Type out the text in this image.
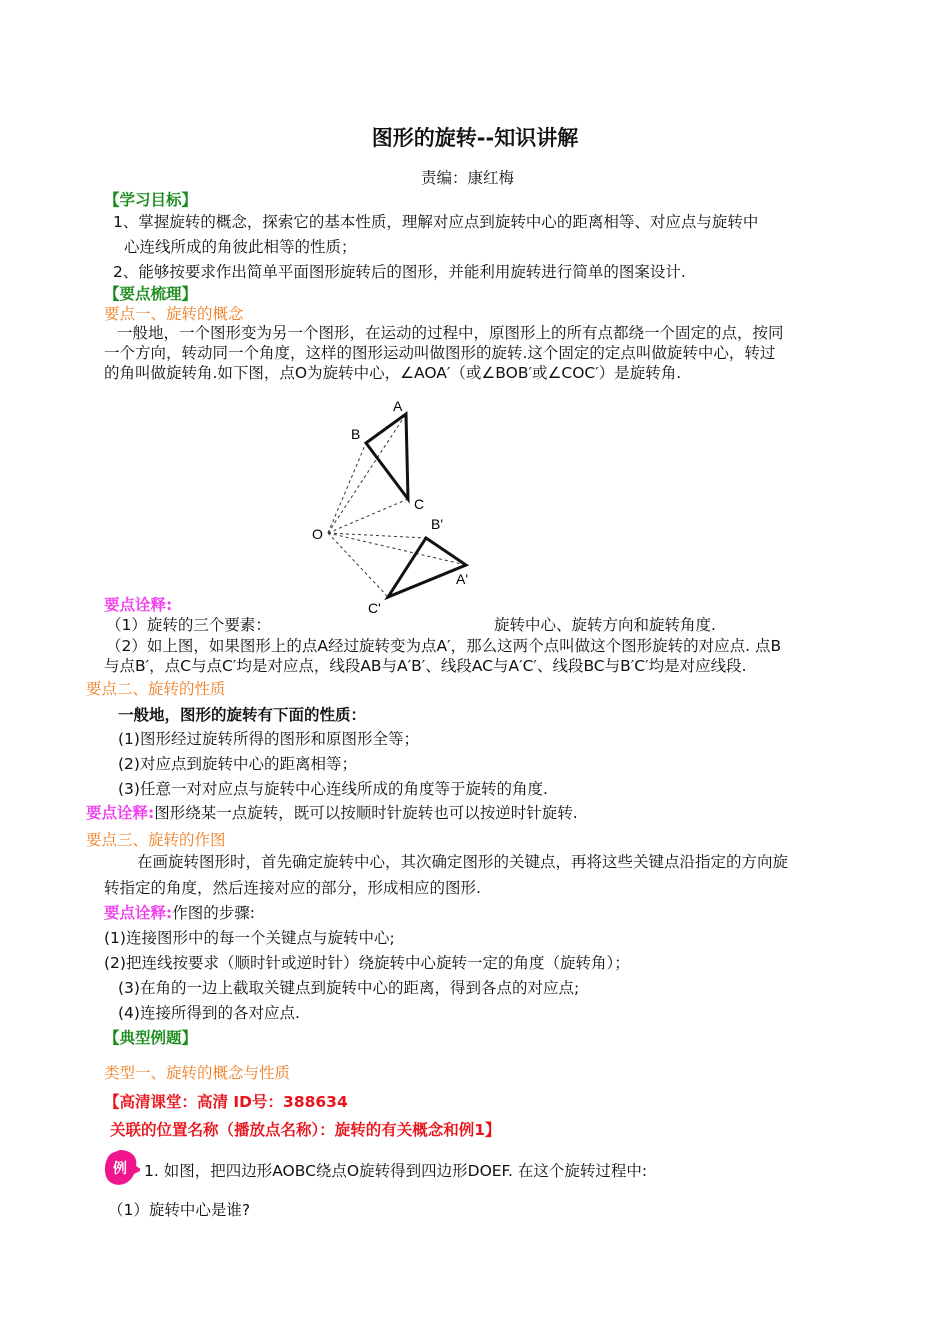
图形的旋转--知识讲解
责编：康红梅
【学习目标】
1、掌握旋转的概念，探索它的基本性质，理解对应点到旋转中心的距离相等、对应点与旋转中
心连线所成的角彼此相等的性质；
2、能够按要求作出简单平面图形旋转后的图形，并能利用旋转进行简单的图案设计.
【要点梳理】
要点一、旋转的概念
一般地，一个图形变为另一个图形，在运动的过程中，原图形上的所有点都绕一个固定的点，按同
一个方向，转动同一个角度，这样的图形运动叫做图形的旋转.这个固定的定点叫做旋转中心，转过
的角叫做旋转角.如下图，点O为旋转中心，∠AOA′（或∠BOB′或∠COC′）是旋转角.
A
B
C
O
B'
A'
C'
要点诠释:
（1）旋转的三个要素：	旋转中心、旋转方向和旋转角度.
（2）如上图，如果图形上的点A经过旋转变为点A′，那么这两个点叫做这个图形旋转的对应点. 点B
与点B′，点C与点C′均是对应点，线段AB与A′B′、线段AC与A′C′、线段BC与B′C′均是对应线段.
要点二、旋转的性质
一般地，图形的旋转有下面的性质：
(1)图形经过旋转所得的图形和原图形全等；
(2)对应点到旋转中心的距离相等；
(3)任意一对对应点与旋转中心连线所成的角度等于旋转的角度.
要点诠释:图形绕某一点旋转，既可以按顺时针旋转也可以按逆时针旋转.
要点三、旋转的作图
在画旋转图形时，首先确定旋转中心，其次确定图形的关键点，再将这些关键点沿指定的方向旋
转指定的角度，然后连接对应的部分，形成相应的图形.
要点诠释:作图的步骤:
(1)连接图形中的每一个关键点与旋转中心;
(2)把连线按要求（顺时针或逆时针）绕旋转中心旋转一定的角度（旋转角）；
(3)在角的一边上截取关键点到旋转中心的距离，得到各点的对应点;
(4)连接所得到的各对应点.
【典型例题】
类型一、旋转的概念与性质
【高清课堂：高清 ID号：388634
关联的位置名称（播放点名称）：旋转的有关概念和例1】
例 1. 如图，把四边形AOBC绕点O旋转得到四边形DOEF. 在这个旋转过程中:
（1）旋转中心是谁?
